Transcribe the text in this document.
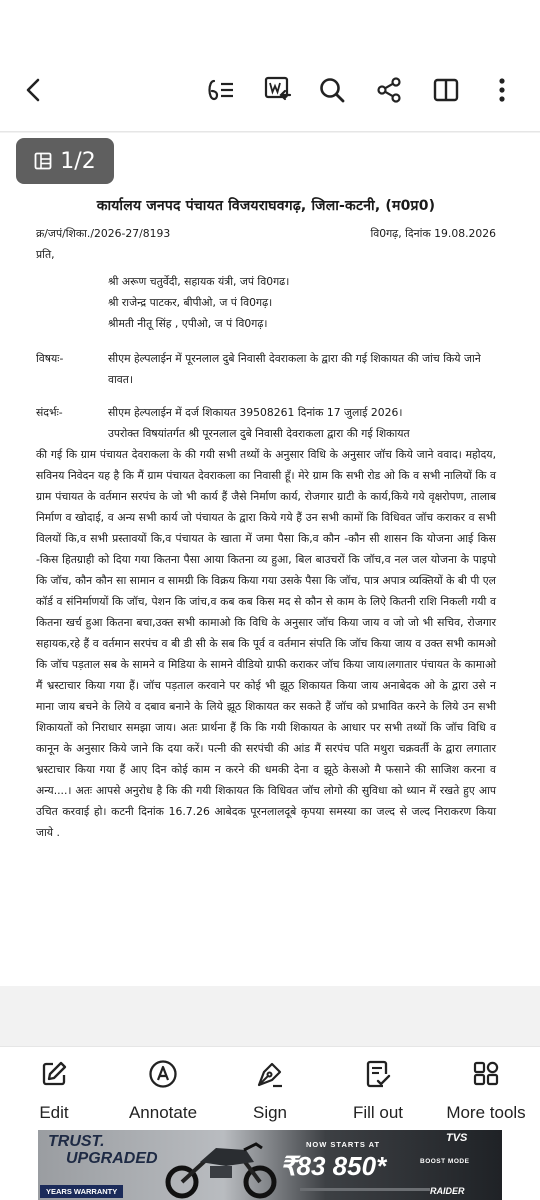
1/2
कार्यालय जनपद पंचायत विजयराघवगढ़, जिला-कटनी, (म0प्र0)
क्र/जपं/शिका./2026-27/8193	वि0गढ़, दिनांक 19.08.2026
प्रति,
श्री अरूण चतुर्वेदी, सहायक यंत्री, जपं वि0गढ।
श्री राजेन्द्र पाटकर, बीपीओ, ज पं वि0गढ़।
श्रीमती नीतू सिंह , एपीओ, ज पं वि0गढ़।
विषयः-	सीएम हेल्पलाईन में पूरनलाल दुबे निवासी देवराकला के द्वारा की गई शिकायत की जांच किये जाने वावत।
संदर्भः-	सीएम हेल्पलाईन में दर्ज शिकायत 39508261 दिनांक 17 जुलाई 2026।
उपरोक्त विषयांतर्गत श्री पूरनलाल दुबे निवासी देवराकला द्वारा की गई शिकायत
की गई कि ग्राम पंचायत देवराकला के की गयी सभी तथ्यों के अनुसार विधि के अनुसार जॉच किये जाने ववाद। महोदय, सविनय निवेदन यह है कि मैं ग्राम पंचायत देवराकला का निवासी हूँ। मेरे ग्राम कि सभी रोड ओ कि व सभी नालियों कि व ग्राम पंचायत के वर्तमान सरपंच के जो भी कार्य हैं जैसे निर्माण कार्य, रोजगार ग्राटी के कार्य,किये गये वृक्षरोपण, तालाब निर्माण व खोदाई, व अन्य सभी कार्य जो पंचायत के द्वारा किये गये हैं उन सभी कामों कि विधिवत जॉच कराकर व सभी विलयों कि,व सभी प्रस्तावयों कि,व पंचायत के खाता में जमा पैसा कि,व कौन -कौन सी शासन कि योजना आई किस -किस हितग्राही को दिया गया कितना पैसा आया कितना व्य हुआ, बिल बाउचरों कि जॉच,व नल जल योजना के पाइपो कि जॉच, कौन कौन सा सामान व सामग्री कि विक्रय किया गया उसके पैसा कि जॉच, पात्र अपात्र व्यक्तियों के बी पी एल कॉर्ड व संनिर्माणयों कि जॉच, पेशन कि जांच,व कब कब किस मद से कौन से काम के लिऐ कितनी राशि निकली गयी व कितना खर्च हुआ कितना बचा,उक्त सभी कामाओ कि विधि के अनुसार जॉच किया जाय व जो जो भी सचिव, रोजगार सहायक,रहे हैं व वर्तमान सरपंच व बी डी सी के सब कि पूर्व व वर्तमान संपति कि जॉच किया जाय व उक्त सभी कामओ कि जॉच पड़ताल सब के सामने व मिडिया के सामने वीडियो ग्राफी कराकर जॉच किया जाय।लगातार पंचायत के कामाओ मैं भ्रस्टाचार किया गया हैं। जॉच पड़ताल करवाने पर कोई भी झूठ शिकायत किया जाय अनाबेदक ओ के द्वारा उसे न माना जाय बचने के लिये व दबाव बनाने के लिये झूठ शिकायत कर सकते हैं जॉच को प्रभावित करने के लिये उन सभी शिकायतों को निराधार समझा जाय। अतः प्रार्थना हैं कि कि गयी शिकायत के आधार पर सभी तथ्यों कि जॉच विधि व कानून के अनुसार किये जाने कि दया करें। पत्नी की सरपंची की आंड मैं सरपंच पति मथुरा चक्रवर्ती के द्वारा लगातार भ्रस्टाचार किया गया हैं आए दिन कोई काम न करने की धमकी देना व झूठे केसओ मै फसाने की साजिश करना व अन्य....। अतः आपसे अनुरोध है कि की गयी शिकायत कि विधिवत जॉच लोगो की सुविधा को ध्यान में रखते हुए आप उचित करवाई हो। कटनी दिनांक 16.7.26 आबेदक पूरनलालदूबे कृपया समस्या का जल्द से जल्द निराकरण किया जाये .
Edit	Annotate	Sign	Fill out	More tools
TRUST.
UPGRADED
YEARS WARRANTY
NOW STARTS AT
₹83 850*
TVS
BOOST MODE
RAIDER
